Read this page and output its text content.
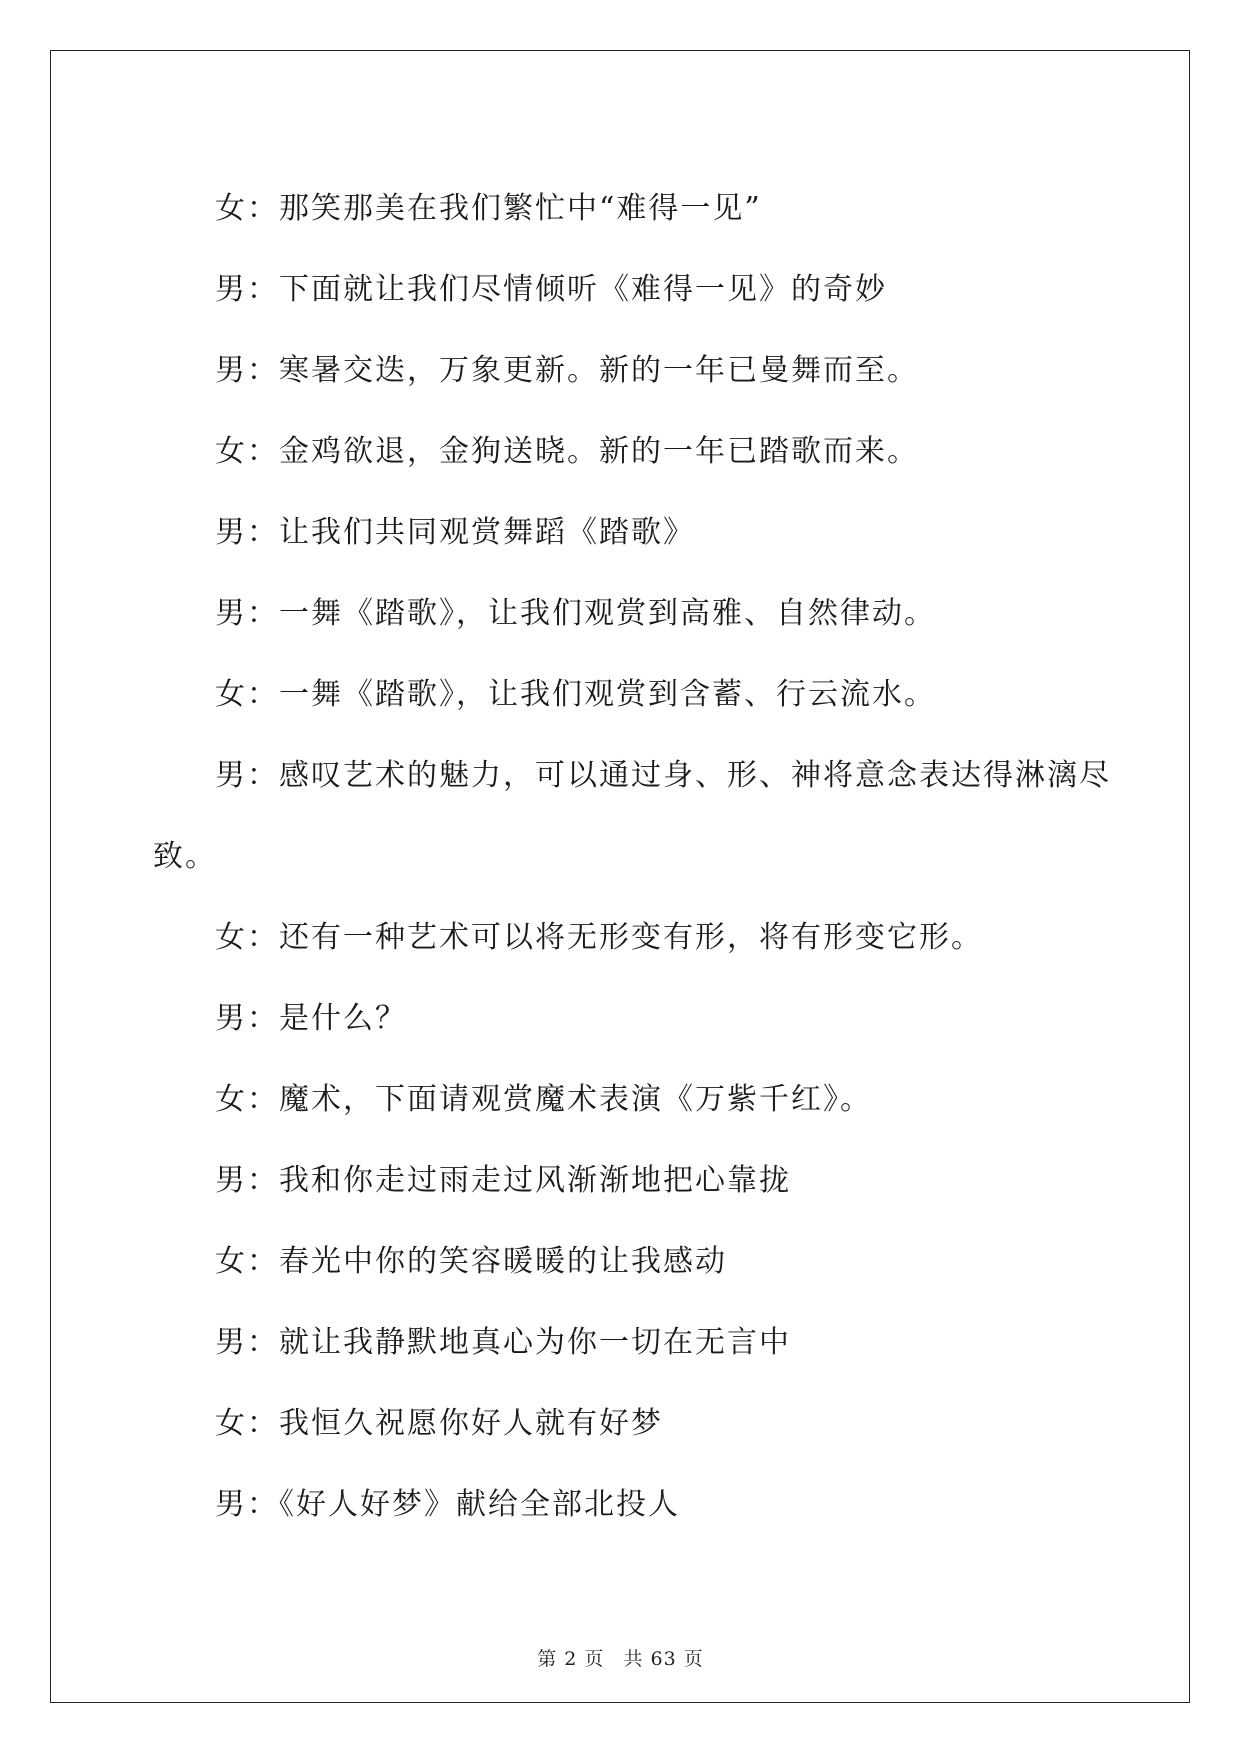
女：那笑那美在我们繁忙中“难得一见”

男：下面就让我们尽情倾听《难得一见》的奇妙

男：寒暑交迭，万象更新。新的一年已曼舞而至。

女：金鸡欲退，金狗送晓。新的一年已踏歌而来。

男：让我们共同观赏舞蹈《踏歌》

男：一舞《踏歌》，让我们观赏到高雅、自然律动。

女：一舞《踏歌》，让我们观赏到含蓄、行云流水。

男：感叹艺术的魅力，可以通过身、形、神将意念表达得淋漓尽

致。

女：还有一种艺术可以将无形变有形，将有形变它形。

男：是什么？

女：魔术，下面请观赏魔术表演《万紫千红》。

男：我和你走过雨走过风渐渐地把心靠拢

女：春光中你的笑容暖暖的让我感动

男：就让我静默地真心为你一切在无言中

女：我恒久祝愿你好人就有好梦

男：《好人好梦》献给全部北投人

第 2 页 共 63 页
